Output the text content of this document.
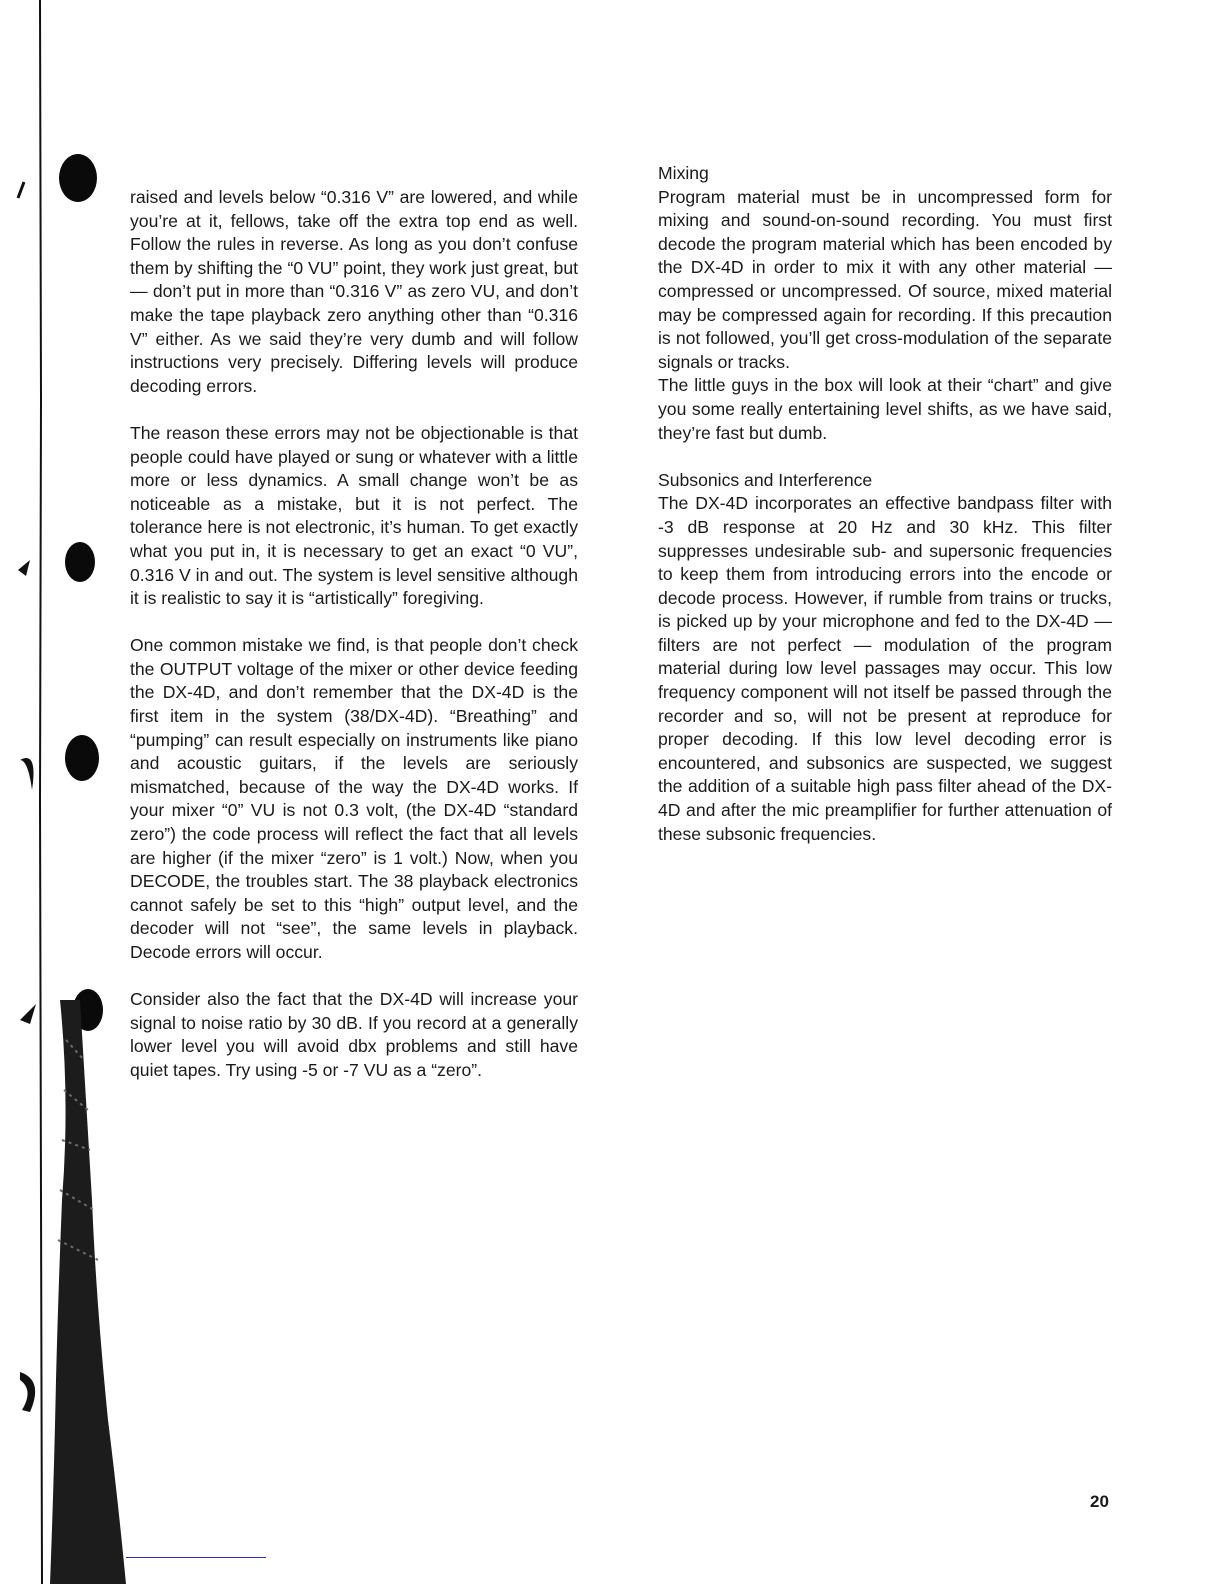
raised and levels below “0.316 V” are lowered, and while you’re at it, fellows, take off the extra top end as well. Follow the rules in reverse. As long as you don’t confuse them by shifting the “0 VU” point, they work just great, but — don’t put in more than “0.316 V” as zero VU, and don’t make the tape playback zero anything other than “0.316 V” either. As we said they’re very dumb and will follow instructions very precisely. Differing levels will produce decoding errors.

The reason these errors may not be objectionable is that people could have played or sung or whatever with a little more or less dynamics. A small change won’t be as noticeable as a mistake, but it is not perfect. The tolerance here is not electronic, it’s human. To get exactly what you put in, it is necessary to get an exact “0 VU”, 0.316 V in and out. The system is level sensitive although it is realistic to say it is “artistically” foregiving.

One common mistake we find, is that people don’t check the OUTPUT voltage of the mixer or other device feeding the DX-4D, and don’t remember that the DX-4D is the first item in the system (38/DX-4D). “Breathing” and “pumping” can result especially on instruments like piano and acoustic guitars, if the levels are seriously mismatched, because of the way the DX-4D works. If your mixer “0” VU is not 0.3 volt, (the DX-4D “standard zero”) the code process will reflect the fact that all levels are higher (if the mixer “zero” is 1 volt.) Now, when you DECODE, the troubles start. The 38 playback electronics cannot safely be set to this “high” output level, and the decoder will not “see”, the same levels in playback. Decode errors will occur.

Consider also the fact that the DX-4D will increase your signal to noise ratio by 30 dB. If you record at a generally lower level you will avoid dbx problems and still have quiet tapes. Try using -5 or -7 VU as a “zero”.

Mixing

Program material must be in uncompressed form for mixing and sound-on-sound recording. You must first decode the program material which has been encoded by the DX-4D in order to mix it with any other material — compressed or uncompressed. Of source, mixed material may be compressed again for recording. If this precaution is not followed, you’ll get cross-modulation of the separate signals or tracks.

The little guys in the box will look at their “chart” and give you some really entertaining level shifts, as we have said, they’re fast but dumb.

Subsonics and Interference

The DX-4D incorporates an effective bandpass filter with -3 dB response at 20 Hz and 30 kHz. This filter suppresses undesirable sub- and supersonic frequencies to keep them from introducing errors into the encode or decode process. However, if rumble from trains or trucks, is picked up by your microphone and fed to the DX-4D — filters are not perfect — modulation of the program material during low level passages may occur. This low frequency component will not itself be passed through the recorder and so, will not be present at reproduce for proper decoding. If this low level decoding error is encountered, and subsonics are suspected, we suggest the addition of a suitable high pass filter ahead of the DX-4D and after the mic preamplifier for further attenuation of these subsonic frequencies.

20
